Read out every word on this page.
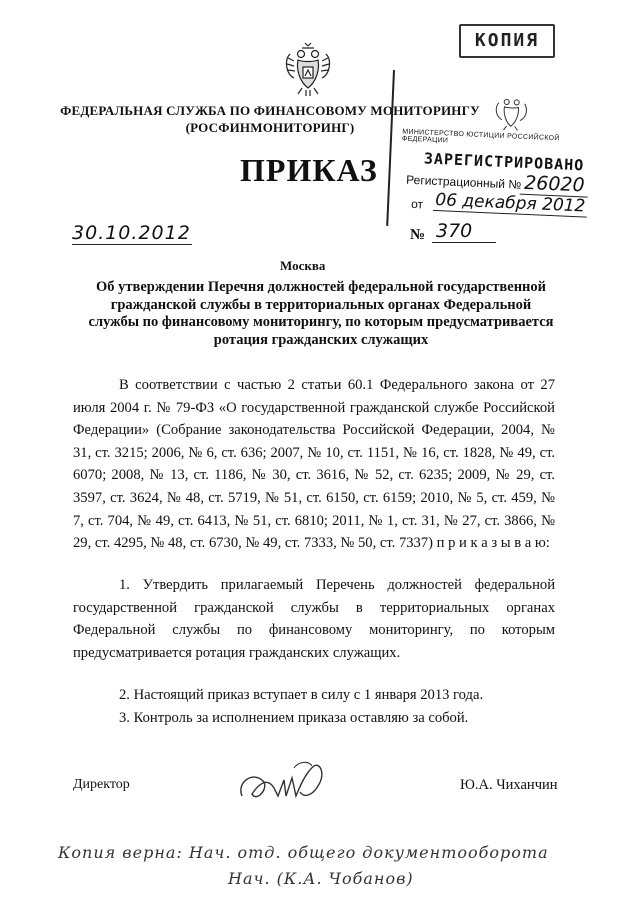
КОПИЯ
ФЕДЕРАЛЬНАЯ СЛУЖБА ПО ФИНАНСОВОМУ МОНИТОРИНГУ
(РОСФИНМОНИТОРИНГ)
ПРИКАЗ
МИНИСТЕРСТВО ЮСТИЦИИ РОССИЙСКОЙ ФЕДЕРАЦИИ
ЗАРЕГИСТРИРОВАНО
Регистрационный № 26020
от 06 декабря 2012
30.10.2012	№ 370
Москва
Об утверждении Перечня должностей федеральной государственной гражданской службы в территориальных органах Федеральной службы по финансовому мониторингу, по которым предусматривается ротация гражданских служащих
В соответствии с частью 2 статьи 60.1 Федерального закона от 27 июля 2004 г. № 79-ФЗ «О государственной гражданской службе Российской Федерации» (Собрание законодательства Российской Федерации, 2004, № 31, ст. 3215; 2006, № 6, ст. 636; 2007, № 10, ст. 1151, № 16, ст. 1828, № 49, ст. 6070; 2008, № 13, ст. 1186, № 30, ст. 3616, № 52, ст. 6235; 2009, № 29, ст. 3597, ст. 3624, № 48, ст. 5719, № 51, ст. 6150, ст. 6159; 2010, № 5, ст. 459, № 7, ст. 704, № 49, ст. 6413, № 51, ст. 6810; 2011, № 1, ст. 31, № 27, ст. 3866, № 29, ст. 4295, № 48, ст. 6730, № 49, ст. 7333, № 50, ст. 7337) п р и к а з ы в а ю:
1. Утвердить прилагаемый Перечень должностей федеральной государственной гражданской службы в территориальных органах Федеральной службы по финансовому мониторингу, по которым предусматривается ротация гражданских служащих.
2. Настоящий приказ вступает в силу с 1 января 2013 года.
3. Контроль за исполнением приказа оставляю за собой.
Директор	Ю.А. Чиханчин
Копия верна: Нач. отд. общего документооборота
Нач. (К.А. Чобанов)
